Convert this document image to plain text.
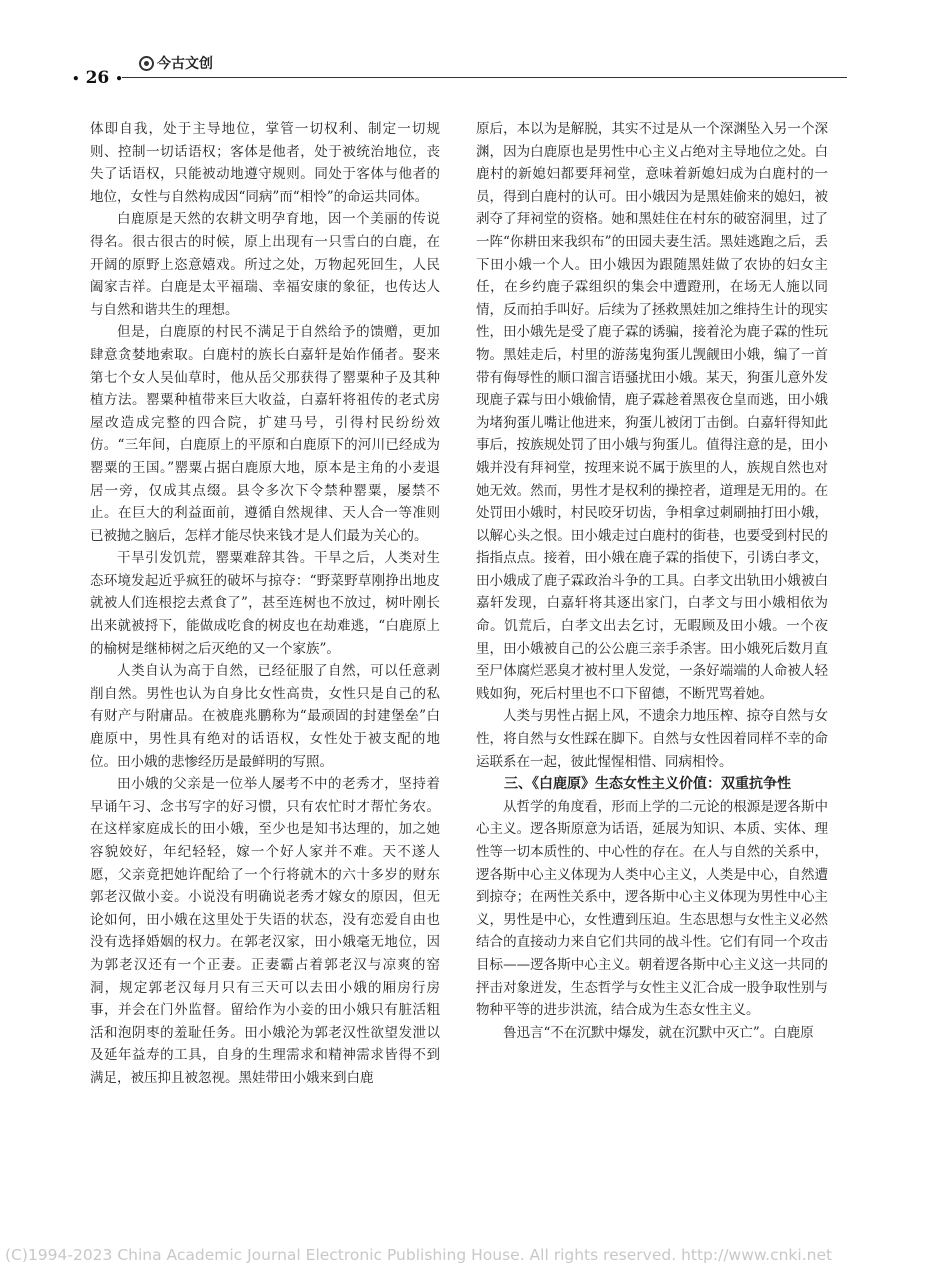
• 26 •
今古文创

体即自我，处于主导地位，掌管一切权利、制定一切规则、控制一切话语权；客体是他者，处于被统治地位，丧失了话语权，只能被动地遵守规则。同处于客体与他者的地位，女性与自然构成因“同病”而“相怜”的命运共同体。

白鹿原是天然的农耕文明孕育地，因一个美丽的传说得名。很古很古的时候，原上出现有一只雪白的白鹿，在开阔的原野上恣意嬉戏。所过之处，万物起死回生，人民阖家吉祥。白鹿是太平福瑞、幸福安康的象征，也传达人与自然和谐共生的理想。

但是，白鹿原的村民不满足于自然给予的馈赠，更加肆意贪婪地索取。白鹿村的族长白嘉轩是始作俑者。娶来第七个女人吴仙草时，他从岳父那获得了罂粟种子及其种植方法。罂粟种植带来巨大收益，白嘉轩将祖传的老式房屋改造成完整的四合院，扩建马号，引得村民纷纷效仿。“三年间，白鹿原上的平原和白鹿原下的河川已经成为罂粟的王国。”罂粟占据白鹿原大地，原本是主角的小麦退居一旁，仅成其点缀。县令多次下令禁种罂粟，屡禁不止。在巨大的利益面前，遵循自然规律、天人合一等准则已被抛之脑后，怎样才能尽快来钱才是人们最为关心的。

干旱引发饥荒，罂粟难辞其咎。干旱之后，人类对生态环境发起近乎疯狂的破坏与掠夺：“野菜野草刚挣出地皮就被人们连根挖去煮食了”，甚至连树也不放过，树叶刚长出来就被捋下，能做成吃食的树皮也在劫难逃，“白鹿原上的榆树是继柿树之后灭绝的又一个家族”。

人类自认为高于自然，已经征服了自然，可以任意剥削自然。男性也认为自身比女性高贵，女性只是自己的私有财产与附庸品。在被鹿兆鹏称为“最顽固的封建堡垒”白鹿原中，男性具有绝对的话语权，女性处于被支配的地位。田小娥的悲惨经历是最鲜明的写照。

田小娥的父亲是一位举人屡考不中的老秀才，坚持着早诵午习、念书写字的好习惯，只有农忙时才帮忙务农。在这样家庭成长的田小娥，至少也是知书达理的，加之她容貌姣好，年纪轻轻，嫁一个好人家并不难。天不遂人愿，父亲竟把她许配给了一个行将就木的六十多岁的财东郭老汉做小妾。小说没有明确说老秀才嫁女的原因，但无论如何，田小娥在这里处于失语的状态，没有恋爱自由也没有选择婚姻的权力。在郭老汉家，田小娥毫无地位，因为郭老汉还有一个正妻。正妻霸占着郭老汉与凉爽的窑洞，规定郭老汉每月只有三天可以去田小娥的厢房行房事，并会在门外监督。留给作为小妾的田小娥只有脏活粗活和泡阴枣的羞耻任务。田小娥沦为郭老汉性欲望发泄以及延年益寿的工具，自身的生理需求和精神需求皆得不到满足，被压抑且被忽视。黑娃带田小娥来到白鹿

原后，本以为是解脱，其实不过是从一个深渊坠入另一个深渊，因为白鹿原也是男性中心主义占绝对主导地位之处。白鹿村的新媳妇都要拜祠堂，意味着新媳妇成为白鹿村的一员，得到白鹿村的认可。田小娥因为是黑娃偷来的媳妇，被剥夺了拜祠堂的资格。她和黑娃住在村东的破窑洞里，过了一阵“你耕田来我织布”的田园夫妻生活。黑娃逃跑之后，丢下田小娥一个人。田小娥因为跟随黑娃做了农协的妇女主任，在乡约鹿子霖组织的集会中遭蹬刑，在场无人施以同情，反而拍手叫好。后续为了拯救黑娃加之维持生计的现实性，田小娥先是受了鹿子霖的诱骗，接着沦为鹿子霖的性玩物。黑娃走后，村里的游荡鬼狗蛋儿觊觎田小娥，编了一首带有侮辱性的顺口溜言语骚扰田小娥。某天，狗蛋儿意外发现鹿子霖与田小娥偷情，鹿子霖趁着黑夜仓皇而逃，田小娥为堵狗蛋儿嘴让他进来，狗蛋儿被闭丁击倒。白嘉轩得知此事后，按族规处罚了田小娥与狗蛋儿。值得注意的是，田小娥并没有拜祠堂，按理来说不属于族里的人，族规自然也对她无效。然而，男性才是权利的操控者，道理是无用的。在处罚田小娥时，村民咬牙切齿，争相拿过刺刷抽打田小娥，以解心头之恨。田小娥走过白鹿村的街巷，也要受到村民的指指点点。接着，田小娥在鹿子霖的指使下，引诱白孝文，田小娥成了鹿子霖政治斗争的工具。白孝文出轨田小娥被白嘉轩发现，白嘉轩将其逐出家门，白孝文与田小娥相依为命。饥荒后，白孝文出去乞讨，无暇顾及田小娥。一个夜里，田小娥被自己的公公鹿三亲手杀害。田小娥死后数月直至尸体腐烂恶臭才被村里人发觉，一条好端端的人命被人轻贱如狗，死后村里也不口下留德，不断咒骂着她。

人类与男性占据上风，不遗余力地压榨、掠夺自然与女性，将自然与女性踩在脚下。自然与女性因着同样不幸的命运联系在一起，彼此惺惺相惜、同病相怜。

三、《白鹿原》生态女性主义价值：双重抗争性

从哲学的角度看，形而上学的二元论的根源是逻各斯中心主义。逻各斯原意为话语，延展为知识、本质、实体、理性等一切本质性的、中心性的存在。在人与自然的关系中，逻各斯中心主义体现为人类中心主义，人类是中心，自然遭到掠夺；在两性关系中，逻各斯中心主义体现为男性中心主义，男性是中心，女性遭到压迫。生态思想与女性主义必然结合的直接动力来自它们共同的战斗性。它们有同一个攻击目标——逻各斯中心主义。朝着逻各斯中心主义这一共同的抨击对象迸发，生态哲学与女性主义汇合成一股争取性别与物种平等的进步洪流，结合成为生态女性主义。

鲁迅言“不在沉默中爆发，就在沉默中灭亡”。白鹿原

(C)1994-2023 China Academic Journal Electronic Publishing House. All rights reserved. http://www.cnki.net
